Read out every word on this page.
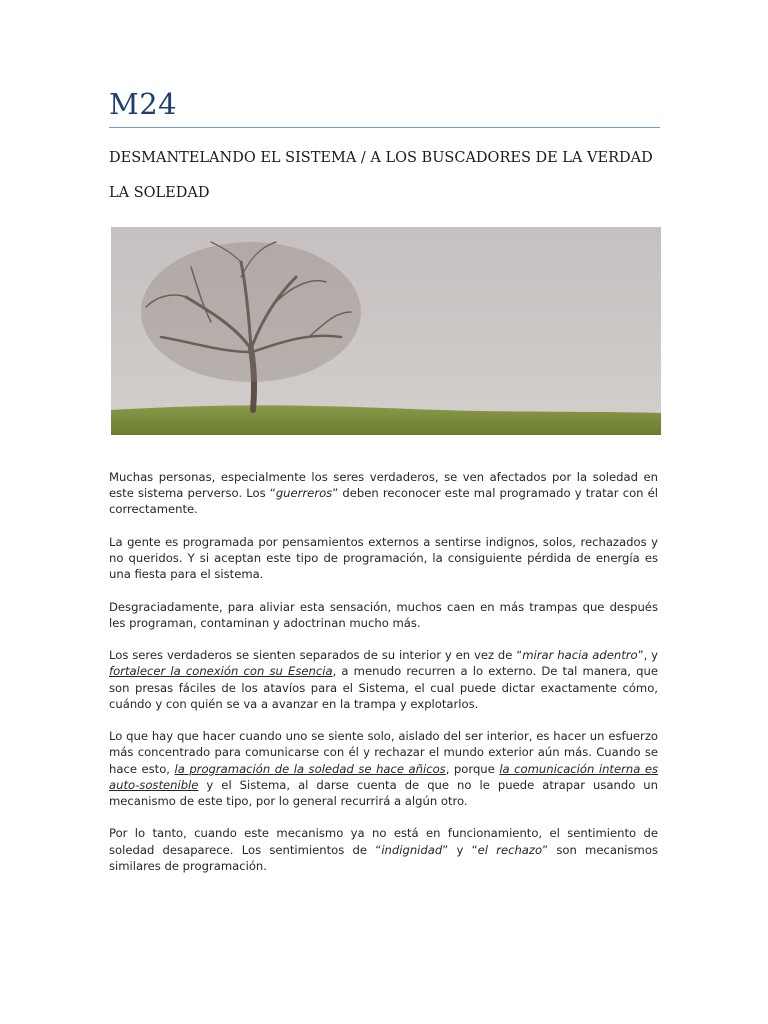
M24
DESMANTELANDO EL SISTEMA / A LOS BUSCADORES DE LA VERDAD
LA SOLEDAD

Muchas personas, especialmente los seres verdaderos, se ven afectados por la soledad en este sistema perverso. Los “guerreros” deben reconocer este mal programado y tratar con él correctamente.

La gente es programada por pensamientos externos a sentirse indignos, solos, rechazados y no queridos. Y si aceptan este tipo de programación, la consiguiente pérdida de energía es una fiesta para el sistema.

Desgraciadamente, para aliviar esta sensación, muchos caen en más trampas que después les programan, contaminan y adoctrinan mucho más.

Los seres verdaderos se sienten separados de su interior y en vez de “mirar hacia adentro”, y fortalecer la conexión con su Esencia, a menudo recurren a lo externo. De tal manera, que son presas fáciles de los atavíos para el Sistema, el cual puede dictar exactamente cómo, cuándo y con quién se va a avanzar en la trampa y explotarlos.

Lo que hay que hacer cuando uno se siente solo, aislado del ser interior, es hacer un esfuerzo más concentrado para comunicarse con él y rechazar el mundo exterior aún más. Cuando se hace esto, la programación de la soledad se hace añicos, porque la comunicación interna es auto-sostenible y el Sistema, al darse cuenta de que no le puede atrapar usando un mecanismo de este tipo, por lo general recurrirá a algún otro.

Por lo tanto, cuando este mecanismo ya no está en funcionamiento, el sentimiento de soledad desaparece. Los sentimientos de “indignidad” y “el rechazo” son mecanismos similares de programación.
